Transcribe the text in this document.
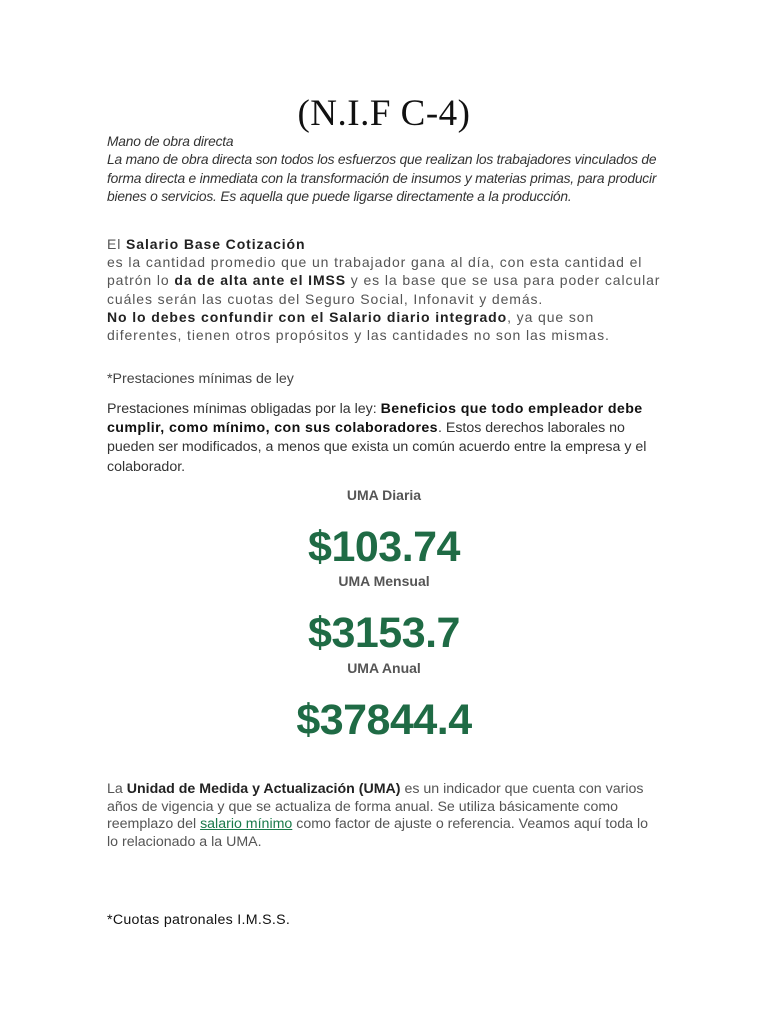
(N.I.F C-4)
Mano de obra directa
La mano de obra directa son todos los esfuerzos que realizan los trabajadores vinculados de forma directa e inmediata con la transformación de insumos y materias primas, para producir bienes o servicios. Es aquella que puede ligarse directamente a la producción.
El Salario Base Cotización
es la cantidad promedio que un trabajador gana al día, con esta cantidad el patrón lo da de alta ante el IMSS y es la base que se usa para poder calcular cuáles serán las cuotas del Seguro Social, Infonavit y demás.
No lo debes confundir con el Salario diario integrado, ya que son diferentes, tienen otros propósitos y las cantidades no son las mismas.
*Prestaciones mínimas de ley
Prestaciones mínimas obligadas por la ley: Beneficios que todo empleador debe cumplir, como mínimo, con sus colaboradores. Estos derechos laborales no pueden ser modificados, a menos que exista un común acuerdo entre la empresa y el colaborador.
UMA Diaria
$103.74
UMA Mensual
$3153.7
UMA Anual
$37844.4
La Unidad de Medida y Actualización (UMA) es un indicador que cuenta con varios años de vigencia y que se actualiza de forma anual. Se utiliza básicamente como reemplazo del salario mínimo como factor de ajuste o referencia. Veamos aquí toda lo lo relacionado a la UMA.
*Cuotas patronales I.M.S.S.
